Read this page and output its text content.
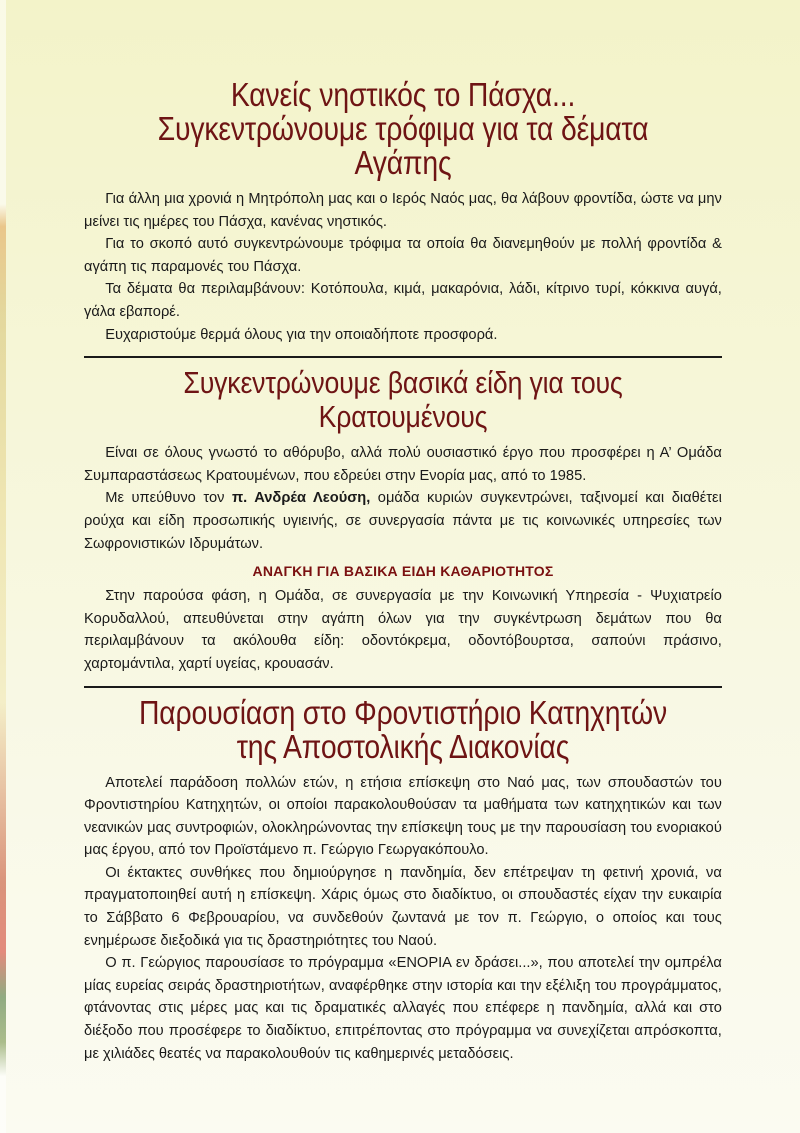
Κανείς νηστικός το Πάσχα...
Συγκεντρώνουμε τρόφιμα για τα δέματα Αγάπης

Για άλλη μια χρονιά η Μητρόπολη μας και ο Ιερός Ναός μας, θα λάβουν φροντίδα, ώστε να μην μείνει τις ημέρες του Πάσχα, κανένας νηστικός.

Για το σκοπό αυτό συγκεντρώνουμε τρόφιμα τα οποία θα διανεμηθούν με πολλή φροντίδα & αγάπη τις παραμονές του Πάσχα.

Τα δέματα θα περιλαμβάνουν: Κοτόπουλα, κιμά, μακαρόνια, λάδι, κίτρινο τυρί, κόκκινα αυγά, γάλα εβαπορέ.

Ευχαριστούμε θερμά όλους για την οποιαδήποτε προσφορά.

Συγκεντρώνουμε βασικά είδη για τους Κρατουμένους

Είναι σε όλους γνωστό το αθόρυβο, αλλά πολύ ουσιαστικό έργο που προσφέρει η Α’ Ομάδα Συμπαραστάσεως Κρατουμένων, που εδρεύει στην Ενορία μας, από το 1985.

Με υπεύθυνο τον π. Ανδρέα Λεούση, ομάδα κυριών συγκεντρώνει, ταξινομεί και διαθέτει ρούχα και είδη προσωπικής υγιεινής, σε συνεργασία πάντα με τις κοινωνικές υπηρεσίες των Σωφρονιστικών Ιδρυμάτων.

ΑΝΑΓΚΗ ΓΙΑ ΒΑΣΙΚΑ ΕΙΔΗ ΚΑΘΑΡΙΟΤΗΤΟΣ

Στην παρούσα φάση, η Ομάδα, σε συνεργασία με την Κοινωνική Υπηρεσία - Ψυχιατρείο Κορυδαλλού, απευθύνεται στην αγάπη όλων για την συγκέντρωση δεμάτων που θα περιλαμβάνουν τα ακόλουθα είδη: οδοντόκρεμα, οδοντόβουρτσα, σαπούνι πράσινο, χαρτομάντιλα, χαρτί υγείας, κρουασάν.

Παρουσίαση στο Φροντιστήριο Κατηχητών
της Αποστολικής Διακονίας

Αποτελεί παράδοση πολλών ετών, η ετήσια επίσκεψη στο Ναό μας, των σπουδαστών του Φροντιστηρίου Κατηχητών, οι οποίοι παρακολουθούσαν τα μαθήματα των κατηχητικών και των νεανικών μας συντροφιών, ολοκληρώνοντας την επίσκεψη τους με την παρουσίαση του ενοριακού μας έργου, από τον Προϊστάμενο π. Γεώργιο Γεωργακόπουλο.

Οι έκτακτες συνθήκες που δημιούργησε η πανδημία, δεν επέτρεψαν τη φετινή χρονιά, να πραγματοποιηθεί αυτή η επίσκεψη. Χάρις όμως στο διαδίκτυο, οι σπουδαστές είχαν την ευκαιρία το Σάββατο 6 Φεβρουαρίου, να συνδεθούν ζωντανά με τον π. Γεώργιο, ο οποίος και τους ενημέρωσε διεξοδικά για τις δραστηριότητες του Ναού.

Ο π. Γεώργιος παρουσίασε το πρόγραμμα «ΕΝΟΡΙΑ εν δράσει...», που αποτελεί την ομπρέλα μίας ευρείας σειράς δραστηριοτήτων, αναφέρθηκε στην ιστορία και την εξέλιξη του προγράμματος, φτάνοντας στις μέρες μας και τις δραματικές αλλαγές που επέφερε η πανδημία, αλλά και στο διέξοδο που προσέφερε το διαδίκτυο, επιτρέποντας στο πρόγραμμα να συνεχίζεται απρόσκοπτα, με χιλιάδες θεατές να παρακολουθούν τις καθημερινές μεταδόσεις.
